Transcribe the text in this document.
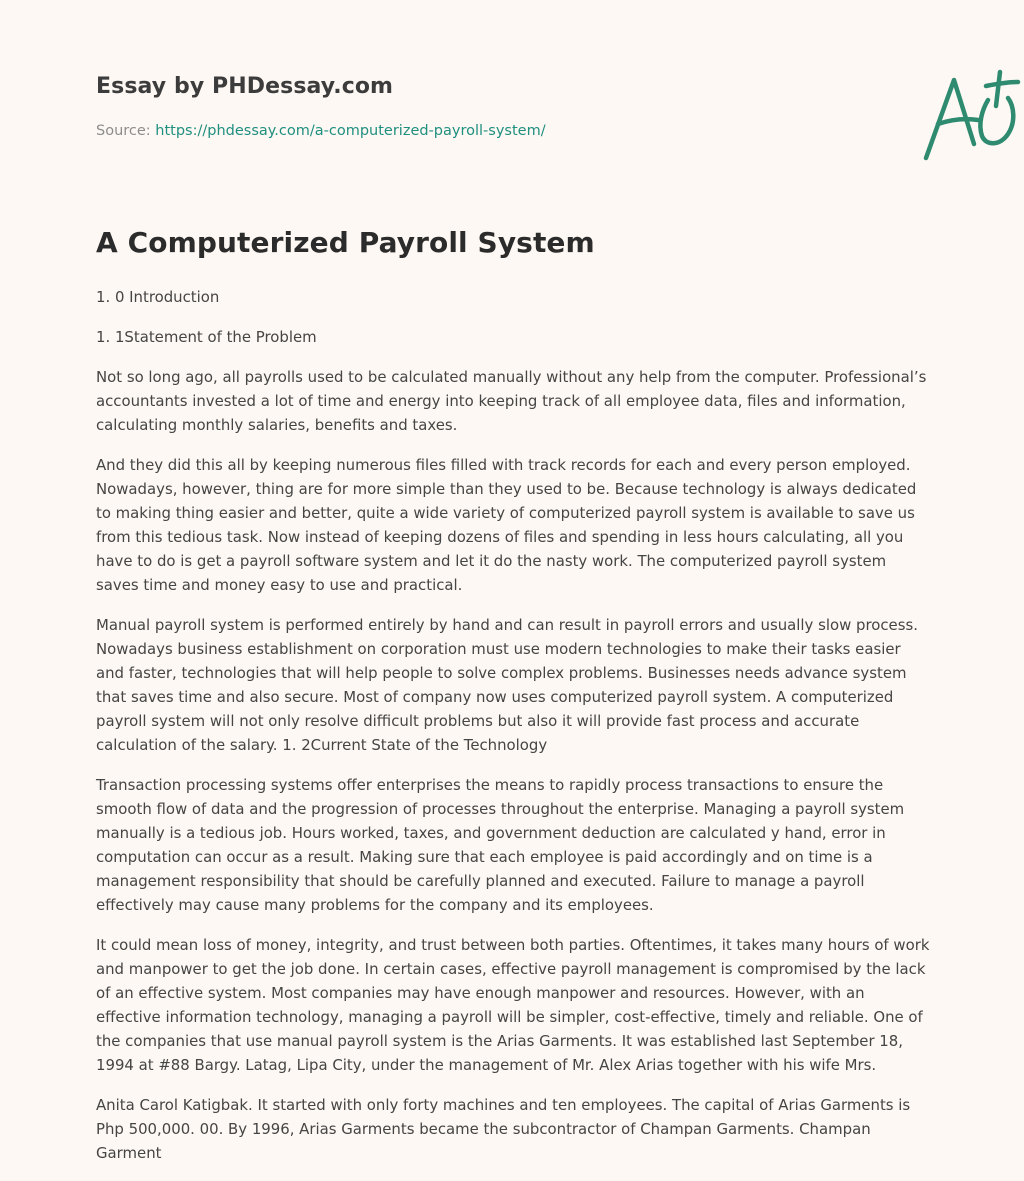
Essay by PHDessay.com
Source: https://phdessay.com/a-computerized-payroll-system/
A Computerized Payroll System

1. 0 Introduction

1. 1Statement of the Problem

Not so long ago, all payrolls used to be calculated manually without any help from the computer. Professional’s accountants invested a lot of time and energy into keeping track of all employee data, files and information, calculating monthly salaries, benefits and taxes.

And they did this all by keeping numerous files filled with track records for each and every person employed. Nowadays, however, thing are for more simple than they used to be. Because technology is always dedicated to making thing easier and better, quite a wide variety of computerized payroll system is available to save us from this tedious task. Now instead of keeping dozens of files and spending in less hours calculating, all you have to do is get a payroll software system and let it do the nasty work. The computerized payroll system saves time and money easy to use and practical.

Manual payroll system is performed entirely by hand and can result in payroll errors and usually slow process. Nowadays business establishment on corporation must use modern technologies to make their tasks easier and faster, technologies that will help people to solve complex problems. Businesses needs advance system that saves time and also secure. Most of company now uses computerized payroll system. A computerized payroll system will not only resolve difficult problems but also it will provide fast process and accurate calculation of the salary. 1. 2Current State of the Technology

Transaction processing systems offer enterprises the means to rapidly process transactions to ensure the smooth flow of data and the progression of processes throughout the enterprise. Managing a payroll system manually is a tedious job. Hours worked, taxes, and government deduction are calculated y hand, error in computation can occur as a result. Making sure that each employee is paid accordingly and on time is a management responsibility that should be carefully planned and executed. Failure to manage a payroll effectively may cause many problems for the company and its employees.

It could mean loss of money, integrity, and trust between both parties. Oftentimes, it takes many hours of work and manpower to get the job done. In certain cases, effective payroll management is compromised by the lack of an effective system. Most companies may have enough manpower and resources. However, with an effective information technology, managing a payroll will be simpler, cost-effective, timely and reliable. One of the companies that use manual payroll system is the Arias Garments. It was established last September 18, 1994 at #88 Bargy. Latag, Lipa City, under the management of Mr. Alex Arias together with his wife Mrs.

Anita Carol Katigbak. It started with only forty machines and ten employees. The capital of Arias Garments is Php 500,000. 00. By 1996, Arias Garments became the subcontractor of Champan Garments. Champan Garment
